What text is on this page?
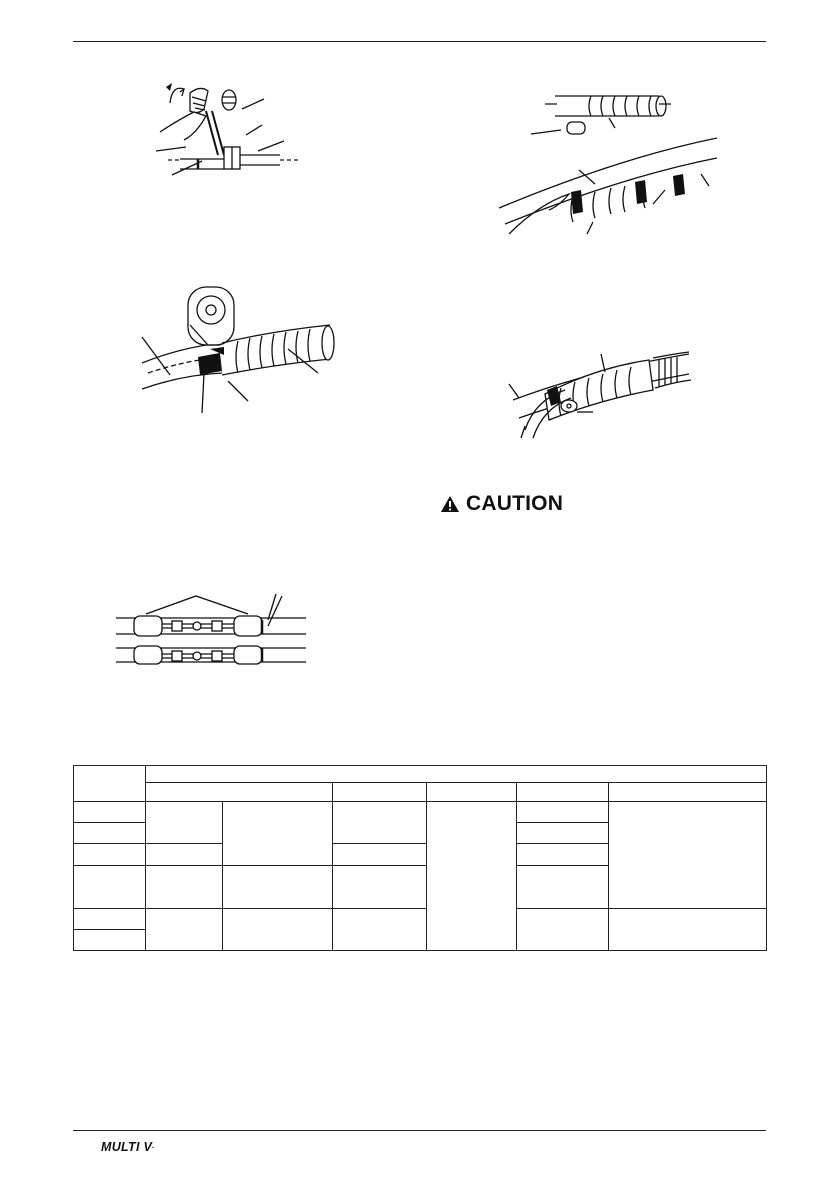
CAUTION

MULTI V .
